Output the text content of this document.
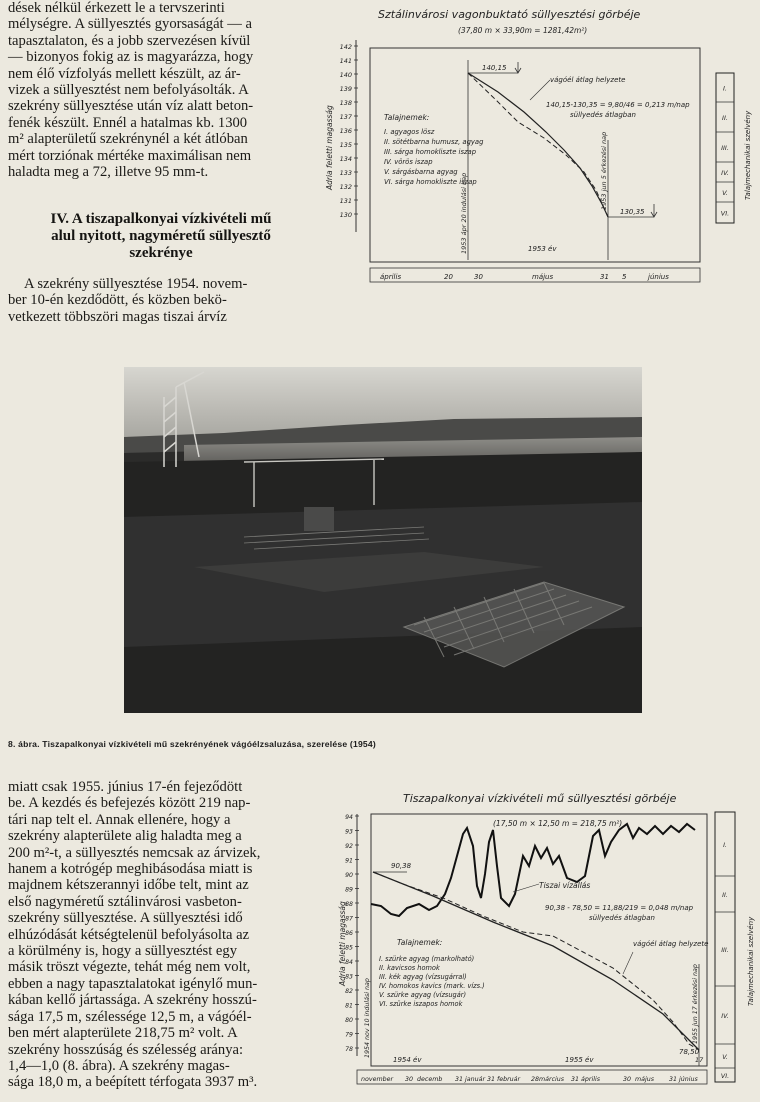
dések nélkül érkezett le a tervszerinti

mélységre. A süllyesztés gyorsaságát — a

tapasztalaton, és a jobb szervezésen kívül

— bizonyos fokig az is magyarázza, hogy

nem élő vízfolyás mellett készült, az ár-

vizek a süllyesztést nem befolyásolták. A

szekrény süllyesztése után víz alatt beton-

fenék készült. Ennél a hatalmas kb. 1300

m² alapterületű szekrénynél a két átlóban

mért torziónak mértéke maximálisan nem

haladta meg a 72, illetve 95 mm-t.

IV. A tiszapalkonyai vízkivételi mű
alul nyitott, nagyméretű süllyesztő
szekrénye

A szekrény süllyesztése 1954. novem-

ber 10-én kezdődött, és közben bekö-

vetkezett többszöri magas tiszai árvíz

Sztálinvárosi vagonbuktató süllyesztési görbéje
(37,80 m × 33,90m = 1281,42m²)
Adria feletti magasság
142
141
140
139
138
137
136
135
134
133
132
131
130
140,15
130,35
vágóél átlag helyzete
140,15-130,35 = 9,80/46 = 0,213 m/nap
süllyedés átlagban
Talajnemek:
I. agyagos lösz
II. sötétbarna humusz, agyag
III. sárga homokliszte iszap
IV. vörös iszap
V. sárgásbarna agyag
VI. sárga homokliszte iszap
1953 ápr 20 indulási nap
1953 jun 5 érkezési nap
1953 év
április	20	30	május	31 5	június
I.
II.
III.
IV.
V.
VI.
Talajmechanikai szelvény
8. ábra. Tiszapalkonyai vízkivételi mű szekrényének vágóélzsaluzása, szerelése (1954)

miatt csak 1955. június 17-én fejeződött

be. A kezdés és befejezés között 219 nap-

tári nap telt el. Annak ellenére, hogy a

szekrény alapterülete alig haladta meg a

200 m²-t, a süllyesztés nemcsak az árvizek,

hanem a kotrógép meghibásodása miatt is

majdnem kétszerannyi időbe telt, mint az

első nagyméretű sztálinvárosi vasbeton-

szekrény süllyesztése. A süllyesztési idő

elhúzódását kétségtelenül befolyásolta az

a körülmény is, hogy a süllyesztést egy

másik tröszt végezte, tehát még nem volt,

ebben a nagy tapasztalatokat igénylő mun-

kában kellő jártassága. A szekrény hosszú-

sága 17,5 m, szélessége 12,5 m, a vágóél-

ben mért alapterülete 218,75 m² volt. A

szekrény hosszúság és szélesség aránya:

1,4—1,0 (8. ábra). A szekrény magas-

sága 18,0 m, a beépített térfogata 3937 m³.

Tiszapalkonyai vízkivételi mű süllyesztési görbéje
(17,50 m × 12,50 m = 218,75 m²)
Adria feletti magasság
94
93
92
91
90
89
88
87
86
85
84
83
82
81
80
79
78
Tiszai vízállás
90,38
90,38 - 78,50 = 11,88/219 = 0,048 m/nap
süllyedés átlagban
vágóél átlag helyzete
Talajnemek:
I. szürke agyag (markolható)
II. kavicsos homok
III. kék agyag (vízsugárral)
IV. homokos kavics (mark. vízs.)
V. szürke agyag (vízsugár)
VI. szürke iszapos homok
1954 nov 10 indulási nap	1955 jun 17 érkezési nap
78,50
1954 év	1955 év	17
november 30 decemb 31 január 31 február 28 március 31 április	30 május 31 június
I.
II.
III.
IV.
V.
VI.
Talajmechanikai szelvény
